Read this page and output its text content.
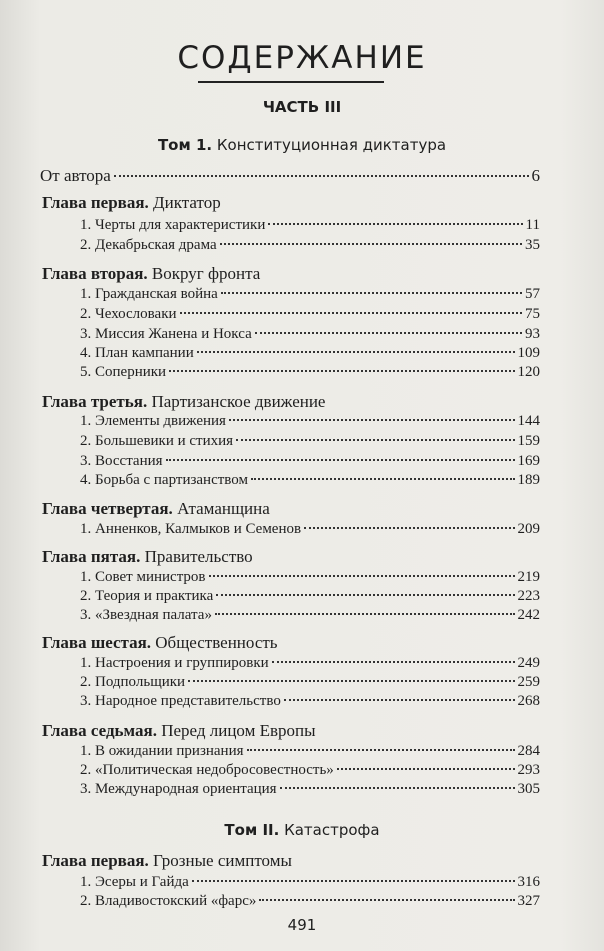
СОДЕРЖАНИЕ
ЧАСТЬ III
Том 1. Конституционная диктатура
От автора	6
Глава первая. Диктатор
1. Черты для характеристики	11
2. Декабрьская драма	35
Глава вторая. Вокруг фронта
1. Гражданская война	57
2. Чехословаки	75
3. Миссия Жанена и Нокса	93
4. План кампании	109
5. Соперники	120
Глава третья. Партизанское движение
1. Элементы движения	144
2. Большевики и стихия	159
3. Восстания	169
4. Борьба с партизанством	189
Глава четвертая. Атаманщина
1. Анненков, Калмыков и Семенов	209
Глава пятая. Правительство
1. Совет министров	219
2. Теория и практика	223
3. «Звездная палата»	242
Глава шестая. Общественность
1. Настроения и группировки	249
2. Подпольщики	259
3. Народное представительство	268
Глава седьмая. Перед лицом Европы
1. В ожидании признания	284
2. «Политическая недобросовестность»	293
3. Международная ориентация	305
Том II. Катастрофа
Глава первая. Грозные симптомы
1. Эсеры и Гайда	316
2. Владивостокский «фарс»	327
491
